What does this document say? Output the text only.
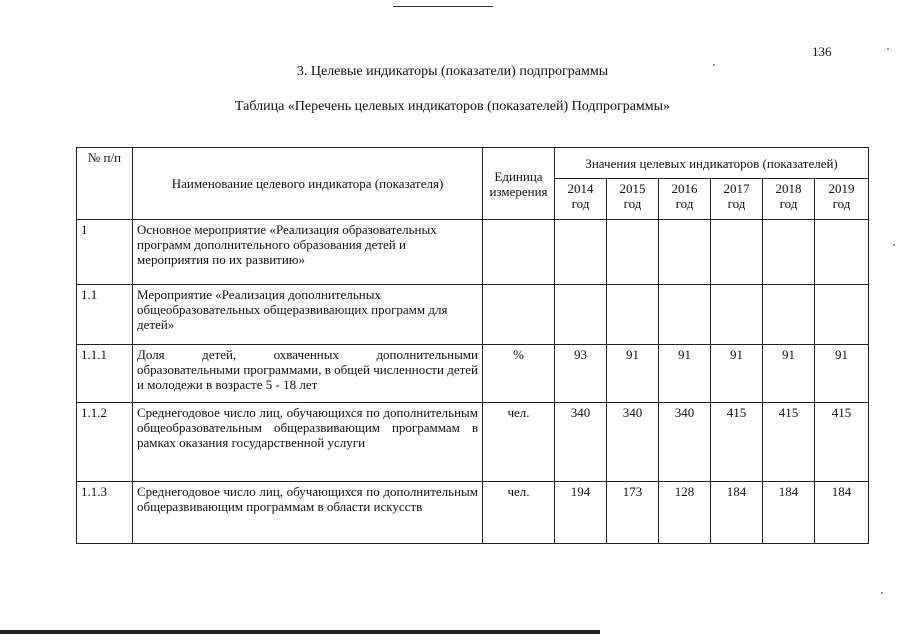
136
3. Целевые индикаторы (показатели) подпрограммы
Таблица «Перечень целевых индикаторов (показателей) Подпрограммы»
№ п/п	Наименование целевого индикатора (показателя)	Единица измерения	Значения целевых индикаторов (показателей)					
			2014 год	2015 год	2016 год	2017 год	2018 год	2019 год
1	Основное мероприятие «Реализация образовательных программ дополнительного образования детей и мероприятия по их развитию»							
1.1	Мероприятие «Реализация дополнительных общеобразовательных общеразвивающих программ для детей»							
1.1.1	Доля детей, охваченных дополнительными образовательными программами, в общей численности детей и молодежи в возрасте 5 - 18 лет	%	93	91	91	91	91	91
1.1.2	Среднегодовое число лиц, обучающихся по дополнительным общеобразовательным общеразвивающим программам в рамках оказания государственной услуги	чел.	340	340	340	415	415	415
1.1.3	Среднегодовое число лиц, обучающихся по дополнительным общеразвивающим программам в области искусств	чел.	194	173	128	184	184	184
